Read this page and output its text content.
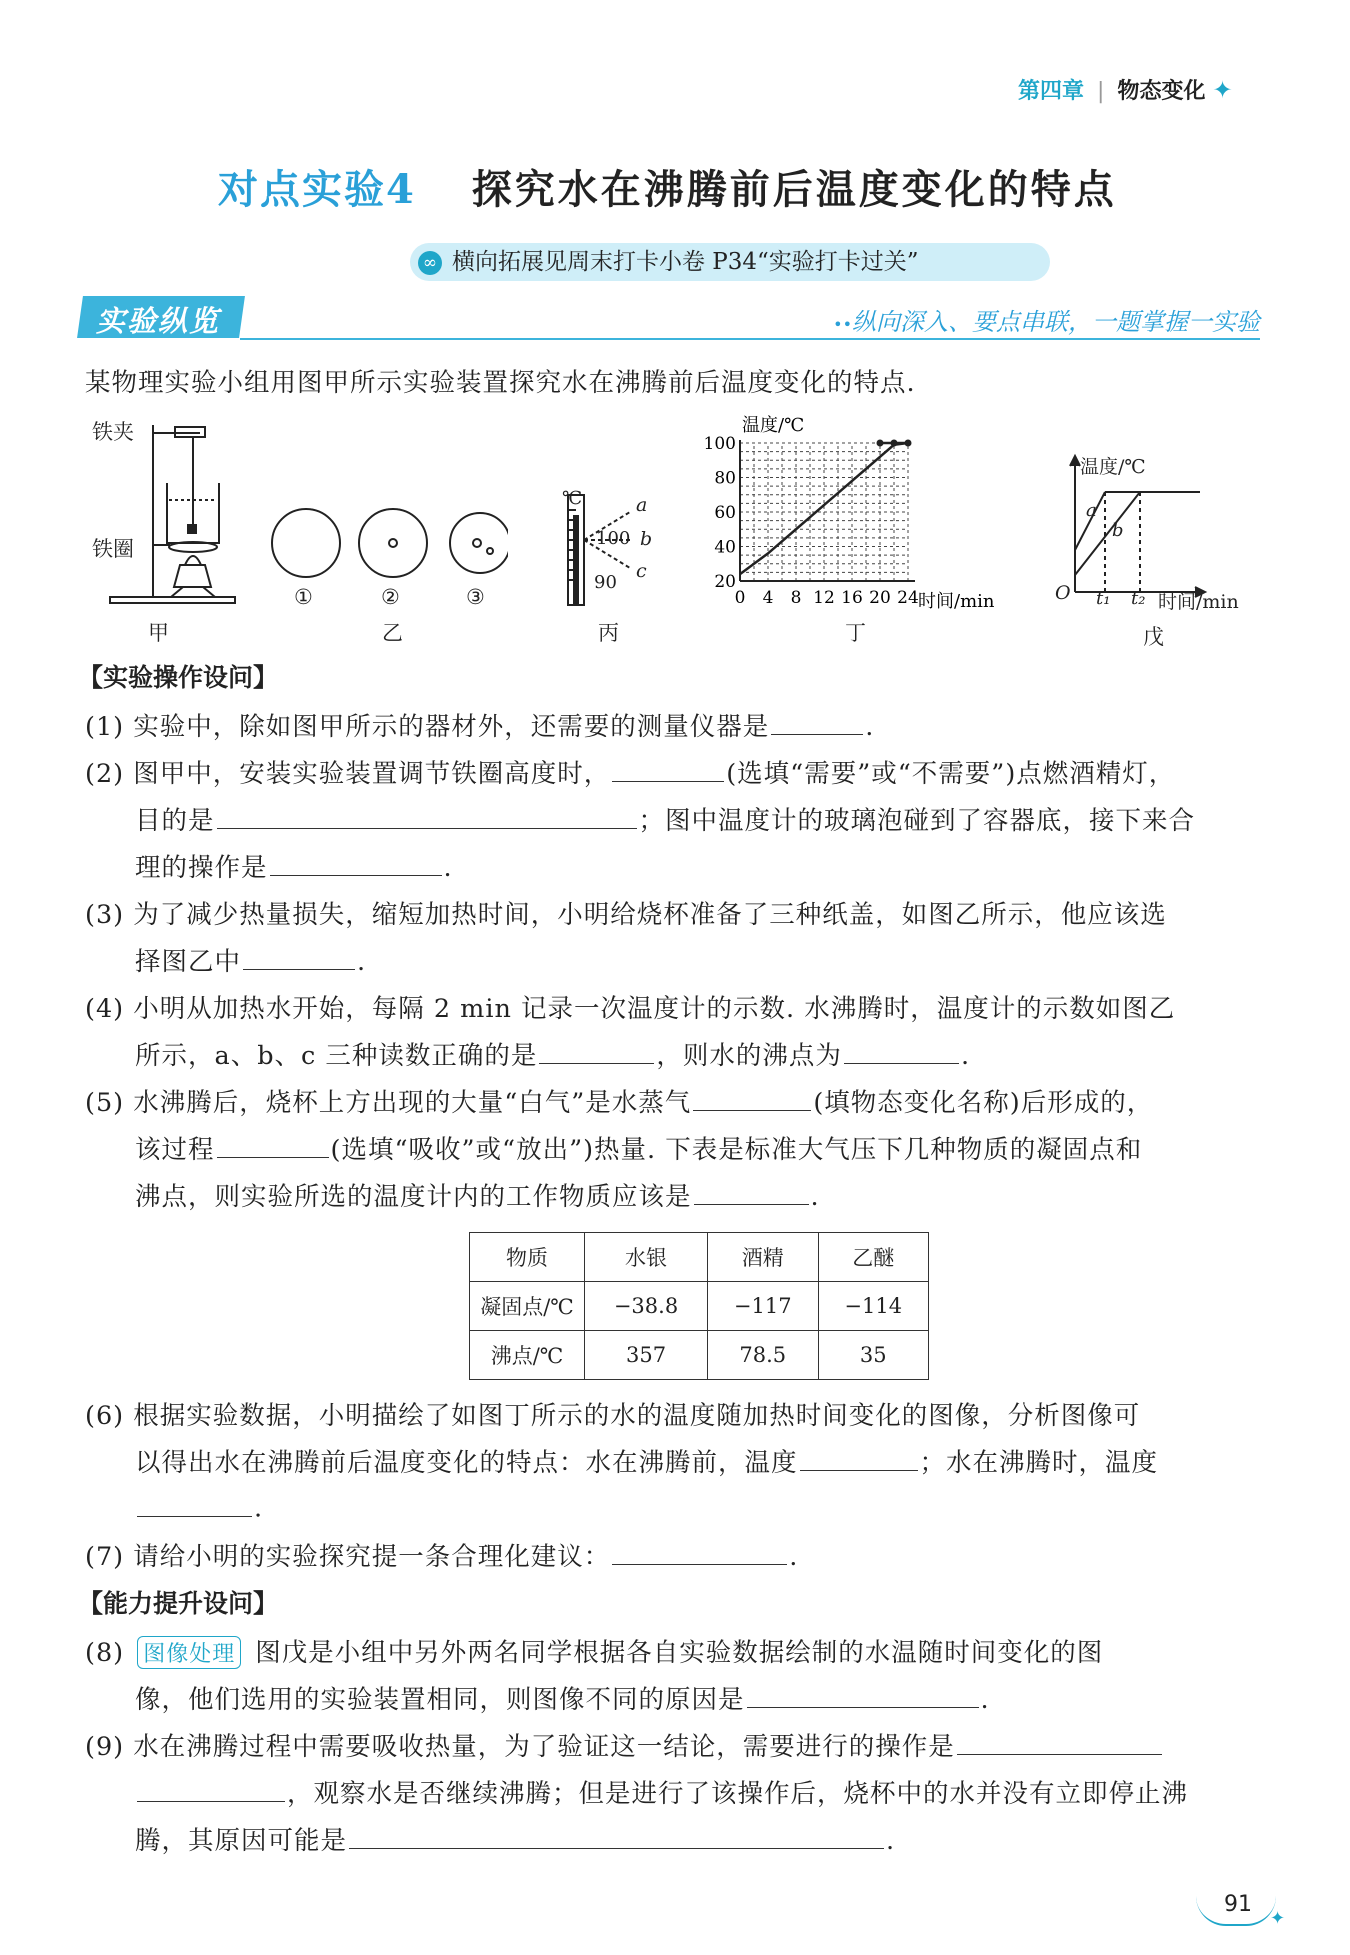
第四章 | 物态变化 ✦
对点实验4 探究水在沸腾前后温度变化的特点
∞ 横向拓展见周末打卡小卷 P34“实验打卡过关”
实验纵览	••纵向深入、要点串联，一题掌握一实验
某物理实验小组用图甲所示实验装置探究水在沸腾前后温度变化的特点.
铁夹
铁圈
甲
①	②	③
乙
℃
100
90
a
b
c
丙
温度/℃
时间/min
0 4 8 12 16 20 24
20
40
60
80
100
丁
温度/℃
时间/min
O t₁ t₂
a
b
戊
【实验操作设问】
(1) 实验中，除如图甲所示的器材外，还需要的测量仪器是	.
(2) 图甲中，安装实验装置调节铁圈高度时，	(选填“需要”或“不需要”)点燃酒精灯，
目的是	；图中温度计的玻璃泡碰到了容器底，接下来合
理的操作是	.
(3) 为了减少热量损失，缩短加热时间，小明给烧杯准备了三种纸盖，如图乙所示，他应该选
择图乙中	.
(4) 小明从加热水开始，每隔 2 min 记录一次温度计的示数. 水沸腾时，温度计的示数如图乙
所示，a、b、c 三种读数正确的是	，则水的沸点为	.
(5) 水沸腾后，烧杯上方出现的大量“白气”是水蒸气	(填物态变化名称)后形成的，
该过程	(选填“吸收”或“放出”)热量. 下表是标准大气压下几种物质的凝固点和
沸点，则实验所选的温度计内的工作物质应该是	.
物质	水银	酒精	乙醚
凝固点/℃	−38.8	−117	−114
沸点/℃	357	78.5	35
(6) 根据实验数据，小明描绘了如图丁所示的水的温度随加热时间变化的图像，分析图像可
以得出水在沸腾前后温度变化的特点：水在沸腾前，温度	；水在沸腾时，温度
.
(7) 请给小明的实验探究提一条合理化建议：	.
【能力提升设问】
(8) 图像处理 图戊是小组中另外两名同学根据各自实验数据绘制的水温随时间变化的图
像，他们选用的实验装置相同，则图像不同的原因是	.
(9) 水在沸腾过程中需要吸收热量，为了验证这一结论，需要进行的操作是
，观察水是否继续沸腾；但是进行了该操作后，烧杯中的水并没有立即停止沸
腾，其原因可能是	.
91
✦
